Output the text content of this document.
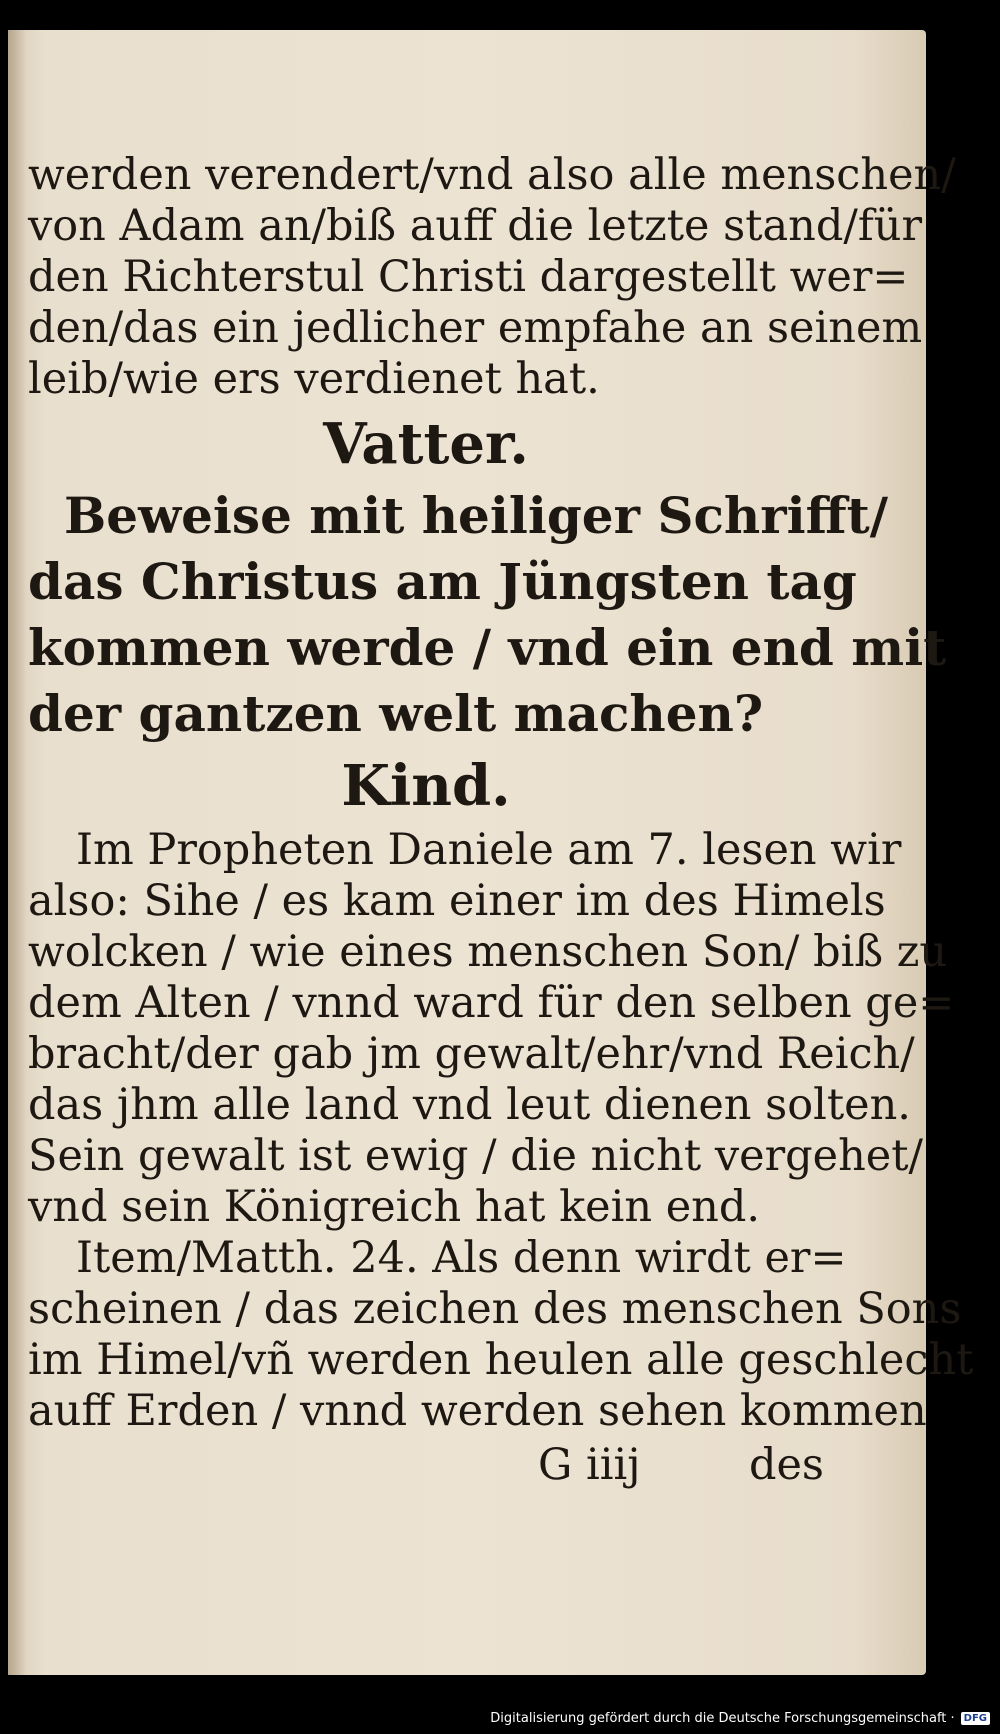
werden verendert/vnd also alle menschen/
von Adam an/biß auff die letzte stand/für
den Richterstul Christi dargestellt wer=
den/das ein jedlicher empfahe an seinem
leib/wie ers verdienet hat.
Vatter.
Beweise mit heiliger Schrifft/
das Christus am Jüngsten tag
kommen werde / vnd ein end mit
der gantzen welt machen?
Kind.
Im Propheten Daniele am 7. lesen wir
also: Sihe / es kam einer im des Himels
wolcken / wie eines menschen Son/ biß zu
dem Alten / vnnd ward für den selben ge=
bracht/der gab jm gewalt/ehr/vnd Reich/
das jhm alle land vnd leut dienen solten.
Sein gewalt ist ewig / die nicht vergehet/
vnd sein Königreich hat kein end.
Item/Matth. 24. Als denn wirdt er=
scheinen / das zeichen des menschen Sons
im Himel/vñ werden heulen alle geschlecht
auff Erden / vnnd werden sehen kommen
G iiij	des
Digitalisierung gefördert durch die Deutsche Forschungsgemeinschaft · DFG
